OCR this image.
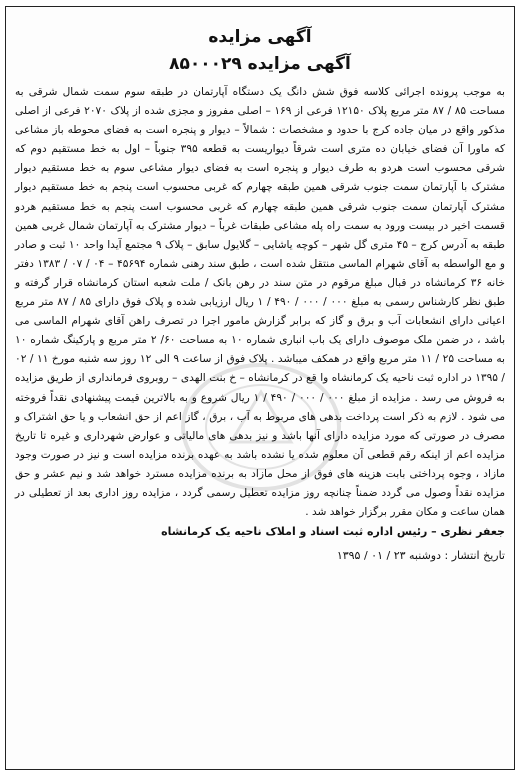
آگهی مزایده
آگهی مزایده ۸۵۰۰۰۲۹
به موجب پرونده اجرائی کلاسه فوق شش دانگ یک دستگاه آپارتمان در طبقه سوم سمت شمال شرقی به مساحت ۸۵ / ۸۷ متر مربع پلاک ۱۲۱۵۰ فرعی از ۱۶۹ – اصلی مفروز و مجزی شده از پلاک ۲۰۷۰ فرعی از اصلی مذکور واقع در میان جاده کرج با حدود و مشخصات : شمالاً – دیوار و پنجره است به فضای محوطه باز مشاعی که ماورا آن فضای خیابان ده متری است شرقاً دیواریست به قطعه ۳۹۵ جنوباً – اول به خط مستقیم دوم که شرقی محسوب است هردو به طرف دیوار و پنجره است به فضای دیوار مشاعی سوم به خط مستقیم دیوار مشترک با آپارتمان سمت جنوب شرقی همین طبقه چهارم که غربی محسوب است پنجم به خط مستقیم دیوار مشترک آپارتمان سمت جنوب شرقی همین طبقه چهارم که غربی محسوب است پنجم به خط مستقیم هردو قسمت اخیر در بیست ورود به سمت راه پله مشاعی طبقات غرباً – دیوار مشترک به آپارتمان شمال غربی همین طبقه به آدرس کرج – ۴۵ متری گل شهر – کوچه یاشایی – گلایول سابق – پلاک ۹ مجتمع آیدا واحد ۱۰ ثبت و صادر و مع الواسطه به آقای شهرام الماسی منتقل شده است ، طبق سند رهنی شماره ۴۵۶۹۴ – ۰۴ / ۰۷ / ۱۳۸۳ دفتر خانه ۳۶ کرمانشاه در قبال مبلغ مرقوم در متن سند در رهن بانک / ملت شعبه استان کرمانشاه قرار گرفته و طبق نظر کارشناس رسمی به مبلغ ۰۰۰ / ۰۰۰ / ۴۹۰ / ۱ ریال ارزیابی شده و پلاک فوق دارای ۸۵ / ۸۷ متر مربع اعیانی دارای انشعابات آب و برق و گاز که برابر گزارش مامور اجرا در تصرف راهن آقای شهرام الماسی می باشد ، در ضمن ملک موصوف دارای یک باب انباری شماره ۱۰ به مساحت ۶۰/ ۲ متر مربع و پارکینگ شماره ۱۰ به مساحت ۲۵ / ۱۱ متر مربع واقع در همکف میباشد . پلاک فوق از ساعت ۹ الی ۱۲ روز سه شنبه مورخ ۱۱ / ۰۲ / ۱۳۹۵ در اداره ثبت ناحیه یک کرمانشاه وا قع در کرمانشاه – خ بنت الهدی – روبروی فرمانداری از طریق مزایده به فروش می رسد . مزایده از مبلغ ۰۰۰ / ۰۰۰ / ۴۹۰ / ۱ ریال شروع و به بالاترین قیمت پیشنهادی نقداً فروخته می شود . لازم به ذکر است پرداخت بدهی های مربوط به آب ، برق ، گاز اعم از حق انشعاب و یا حق اشتراک و مصرف در صورتی که مورد مزایده دارای آنها باشد و نیز بدهی های مالیاتی و عوارض شهرداری و غیره تا تاریخ مزایده اعم از اینکه رقم قطعی آن معلوم شده یا نشده باشد به عهده برنده مزایده است و نیز در صورت وجود مازاد ، وجوه پرداختی بابت هزینه های فوق از محل مازاد به برنده مزایده مسترد خواهد شد و نیم عشر و حق مزایده نقداً وصول می گردد ضمناً چنانچه روز مزایده تعطیل رسمی گردد ، مزایده روز اداری بعد از تعطیلی در همان ساعت و مکان مقرر برگزار خواهد شد .
جعفر نظری – رئیس اداره ثبت اسناد و املاک ناحیه یک کرمانشاه
تاریخ انتشار : دوشنبه ۲۳ / ۰۱ / ۱۳۹۵
